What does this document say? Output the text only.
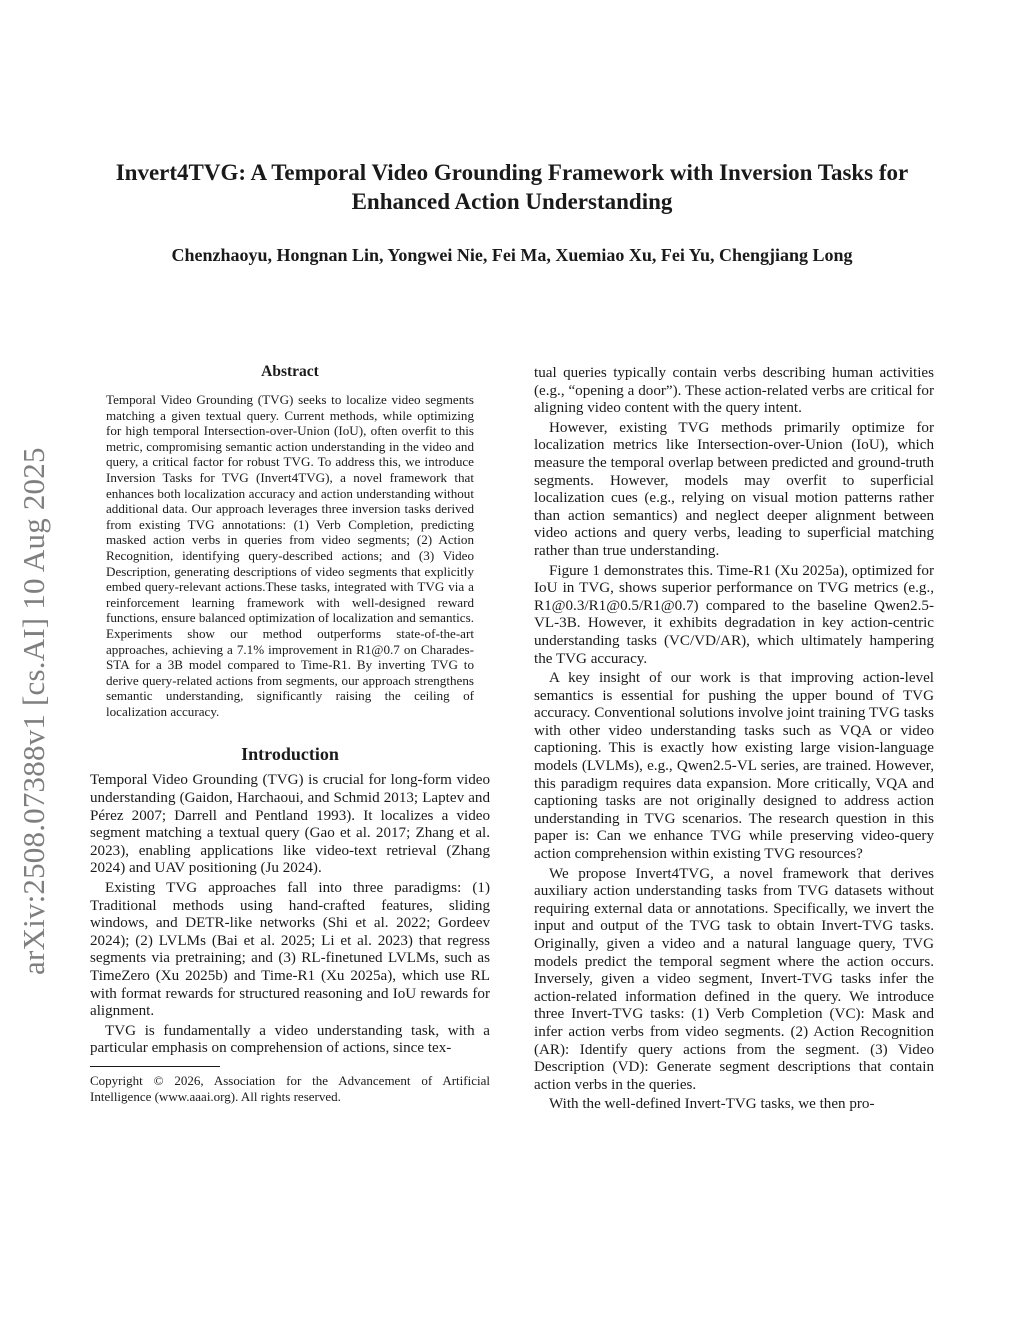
Invert4TVG: A Temporal Video Grounding Framework with Inversion Tasks for
Enhanced Action Understanding
Chenzhaoyu, Hongnan Lin, Yongwei Nie, Fei Ma, Xuemiao Xu, Fei Yu, Chengjiang Long
arXiv:2508.07388v1 [cs.AI] 10 Aug 2025
Abstract

Temporal Video Grounding (TVG) seeks to localize video segments matching a given textual query. Current methods, while optimizing for high temporal Intersection-over-Union (IoU), often overfit to this metric, compromising semantic action understanding in the video and query, a critical factor for robust TVG. To address this, we introduce Inversion Tasks for TVG (Invert4TVG), a novel framework that enhances both localization accuracy and action understanding without additional data. Our approach leverages three inversion tasks derived from existing TVG annotations: (1) Verb Completion, predicting masked action verbs in queries from video segments; (2) Action Recognition, identifying query-described actions; and (3) Video Description, generating descriptions of video segments that explicitly embed query-relevant actions.These tasks, integrated with TVG via a reinforcement learning framework with well-designed reward functions, ensure balanced optimization of localization and semantics. Experiments show our method outperforms state-of-the-art approaches, achieving a 7.1% improvement in R1@0.7 on Charades-STA for a 3B model compared to Time-R1. By inverting TVG to derive query-related actions from segments, our approach strengthens semantic understanding, significantly raising the ceiling of localization accuracy.

Introduction

Temporal Video Grounding (TVG) is crucial for long-form video understanding (Gaidon, Harchaoui, and Schmid 2013; Laptev and Pérez 2007; Darrell and Pentland 1993). It localizes a video segment matching a textual query (Gao et al. 2017; Zhang et al. 2023), enabling applications like video-text retrieval (Zhang 2024) and UAV positioning (Ju 2024).

Existing TVG approaches fall into three paradigms: (1) Traditional methods using hand-crafted features, sliding windows, and DETR-like networks (Shi et al. 2022; Gordeev 2024); (2) LVLMs (Bai et al. 2025; Li et al. 2023) that regress segments via pretraining; and (3) RL-finetuned LVLMs, such as TimeZero (Xu 2025b) and Time-R1 (Xu 2025a), which use RL with format rewards for structured reasoning and IoU rewards for alignment.

TVG is fundamentally a video understanding task, with a particular emphasis on comprehension of actions, since tex-

Copyright © 2026, Association for the Advancement of Artificial Intelligence (www.aaai.org). All rights reserved.

tual queries typically contain verbs describing human activities (e.g., “opening a door”). These action-related verbs are critical for aligning video content with the query intent.

However, existing TVG methods primarily optimize for localization metrics like Intersection-over-Union (IoU), which measure the temporal overlap between predicted and ground-truth segments. However, models may overfit to superficial localization cues (e.g., relying on visual motion patterns rather than action semantics) and neglect deeper alignment between video actions and query verbs, leading to superficial matching rather than true understanding.

Figure 1 demonstrates this. Time-R1 (Xu 2025a), optimized for IoU in TVG, shows superior performance on TVG metrics (e.g., R1@0.3/R1@0.5/R1@0.7) compared to the baseline Qwen2.5-VL-3B. However, it exhibits degradation in key action-centric understanding tasks (VC/VD/AR), which ultimately hampering the TVG accuracy.

A key insight of our work is that improving action-level semantics is essential for pushing the upper bound of TVG accuracy. Conventional solutions involve joint training TVG tasks with other video understanding tasks such as VQA or video captioning. This is exactly how existing large vision-language models (LVLMs), e.g., Qwen2.5-VL series, are trained. However, this paradigm requires data expansion. More critically, VQA and captioning tasks are not originally designed to address action understanding in TVG scenarios. The research question in this paper is: Can we enhance TVG while preserving video-query action comprehension within existing TVG resources?

We propose Invert4TVG, a novel framework that derives auxiliary action understanding tasks from TVG datasets without requiring external data or annotations. Specifically, we invert the input and output of the TVG task to obtain Invert-TVG tasks. Originally, given a video and a natural language query, TVG models predict the temporal segment where the action occurs. Inversely, given a video segment, Invert-TVG tasks infer the action-related information defined in the query. We introduce three Invert-TVG tasks: (1) Verb Completion (VC): Mask and infer action verbs from video segments. (2) Action Recognition (AR): Identify query actions from the segment. (3) Video Description (VD): Generate segment descriptions that contain action verbs in the queries.

With the well-defined Invert-TVG tasks, we then pro-
